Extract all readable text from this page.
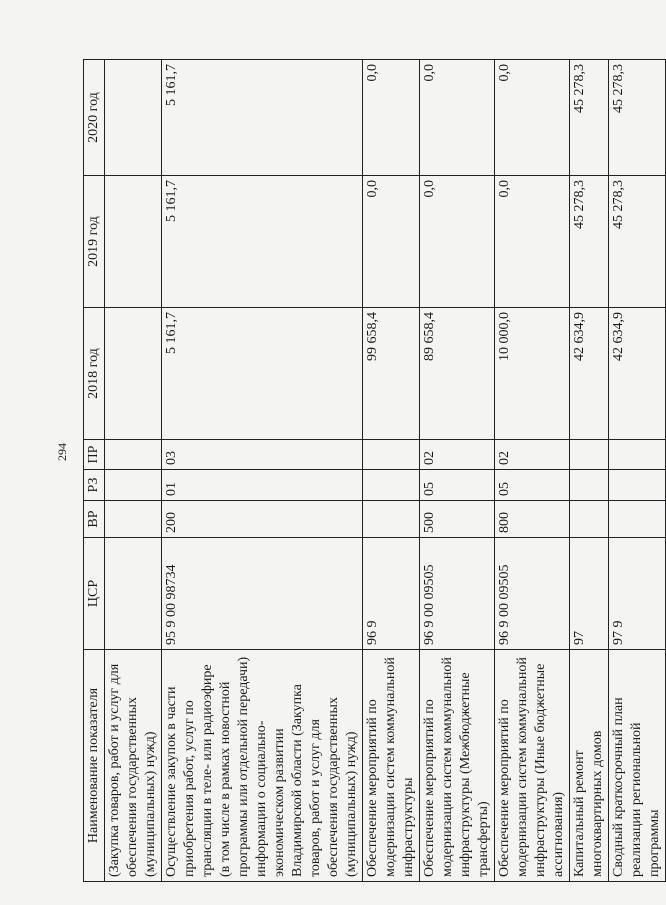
294
Наименование показателя	ЦСР	ВР	РЗ	ПР	2018 год	2019 год	2020 год
(Закупка товаров, работ и услуг для обеспечения государственных (муниципальных) нужд)							
Осуществление закупок в части приобретения работ, услуг по трансляции в теле- или радиоэфире (в том числе в рамках новостной программы или отдельной передачи) информации о социально-экономическом развитии Владимирской области (Закупка товаров, работ и услуг для обеспечения государственных (муниципальных) нужд)	95 9 00 98734	200	01	03	5 161,7	5 161,7	5 161,7
Обеспечение мероприятий по модернизации систем коммунальной инфраструктуры	96 9				99 658,4	0,0	0,0
Обеспечение мероприятий по модернизации систем коммунальной инфраструктуры (Межбюджетные трансферты)	96 9 00 09505	500	05	02	89 658,4	0,0	0,0
Обеспечение мероприятий по модернизации систем коммунальной инфраструктуры (Иные бюджетные ассигнования)	96 9 00 09505	800	05	02	10 000,0	0,0	0,0
Капитальный ремонт многоквартирных домов	97				42 634,9	45 278,3	45 278,3
Сводный краткосрочный план реализации региональной программы	97 9				42 634,9	45 278,3	45 278,3
